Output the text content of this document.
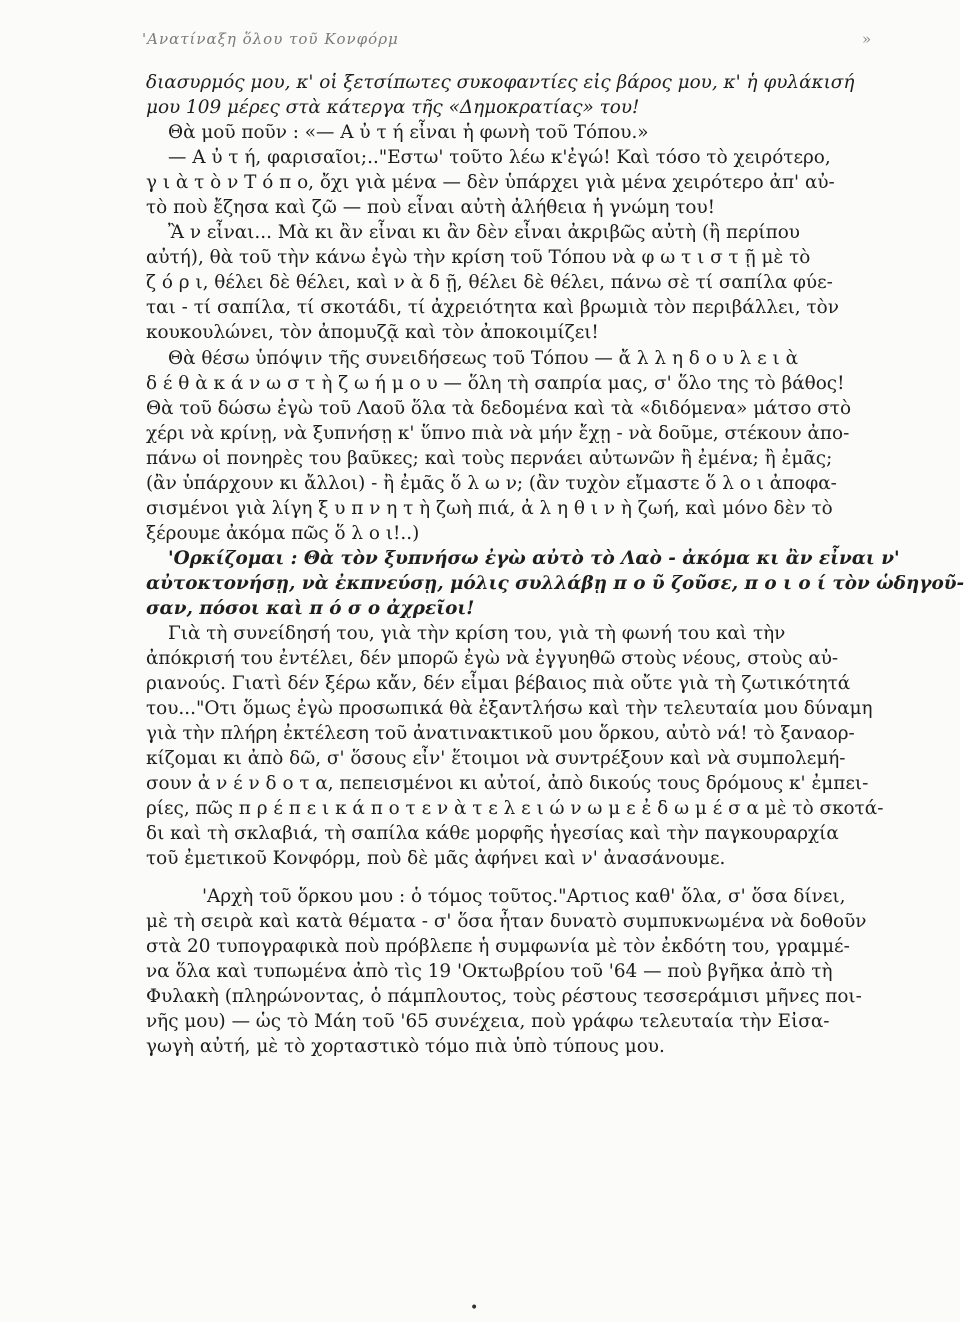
'Ανατίναξη ὅλου τοῦ Κονφόρμ	»
διασυρμός μου, κ' οἱ ξετσίπωτες συκοφαντίες εἰς βάρος μου, κ' ἡ φυλάκισή
μου 109 μέρες στὰ κάτεργα τῆς «Δημοκρατίας» του!
Θὰ μοῦ ποῦν : «— Α ὐ τ ή εἶναι ἡ φωνὴ τοῦ Τόπου.»
— Α ὐ τ ή, φαρισαῖοι;.."Εστω' τοῦτο λέω κ'ἐγώ! Καὶ τόσο τὸ χειρότερο,
γ ι ὰ τ ὸ ν Τ ό π ο, ὄχι γιὰ μένα — δὲν ὑπάρχει γιὰ μένα χειρότερο ἀπ' αὐ-
τὸ ποὺ ἔζησα καὶ ζῶ — ποὺ εἶναι αὐτὴ ἀλήθεια ἡ γνώμη του!
Ἂ ν εἶναι... Μὰ κι ἂν εἶναι κι ἂν δὲν εἶναι ἀκριβῶς αὐτὴ (ἢ περίπου
αὐτή), θὰ τοῦ τὴν κάνω ἐγὼ τὴν κρίση τοῦ Τόπου νὰ φ ω τ ι σ τ ῇ μὲ τὸ
ζ ό ρ ι, θέλει δὲ θέλει, καὶ ν ὰ δ ῇ, θέλει δὲ θέλει, πάνω σὲ τί σαπίλα φύε-
ται - τί σαπίλα, τί σκοτάδι, τί ἀχρειότητα καὶ βρωμιὰ τὸν περιβάλλει, τὸν
κουκουλώνει, τὸν ἀπομυζᾷ καὶ τὸν ἀποκοιμίζει!
Θὰ θέσω ὑπόψιν τῆς συνειδήσεως τοῦ Τόπου — ἄ λ λ η δ ο υ λ ε ι ὰ
δ έ θ ὰ κ ά ν ω σ τ ὴ ζ ω ή μ ο υ — ὅλη τὴ σαπρία μας, σ' ὅλο της τὸ βάθος!
Θὰ τοῦ δώσω ἐγὼ τοῦ Λαοῦ ὅλα τὰ δεδομένα καὶ τὰ «διδόμενα» μάτσο στὸ
χέρι νὰ κρίνῃ, νὰ ξυπνήσῃ κ' ὕπνο πιὰ νὰ μήν ἔχῃ - νὰ δοῦμε, στέκουν ἀπο-
πάνω οἱ πονηρὲς του βαῦκες; καὶ τοὺς περνάει αὐτωνῶν ἢ ἐμένα; ἢ ἐμᾶς;
(ἂν ὑπάρχουν κι ἄλλοι) - ἢ ἐμᾶς ὅ λ ω ν; (ἂν τυχὸν εἴμαστε ὅ λ ο ι ἀποφα-
σισμένοι γιὰ λίγη ξ υ π ν η τ ὴ ζωὴ πιά, ἀ λ η θ ι ν ὴ ζωή, καὶ μόνο δὲν τὸ
ξέρουμε ἀκόμα πῶς ὅ λ ο ι!..)
'Ορκίζομαι : Θὰ τὸν ξυπνήσω ἐγὼ αὐτὸ τὸ Λαὸ - ἀκόμα κι ἂν εἶναι ν'
αὐτοκτονήσῃ, νὰ ἐκπνεύσῃ, μόλις συλλάβῃ π ο ῦ ζοῦσε, π ο ι ο ί τὸν ὡδηγοῦ-
σαν, πόσοι καὶ π ό σ ο ἀχρεῖοι!
Γιὰ τὴ συνείδησή του, γιὰ τὴν κρίση του, γιὰ τὴ φωνή του καὶ τὴν
ἀπόκρισή του ἐντέλει, δέν μπορῶ ἐγὼ νὰ ἐγγυηθῶ στοὺς νέους, στοὺς αὐ-
ριανούς. Γιατὶ δέν ξέρω κἄν, δέν εἶμαι βέβαιος πιὰ οὔτε γιὰ τὴ ζωτικότητά
του..."Οτι ὅμως ἐγὼ προσωπικά θὰ ἐξαντλήσω καὶ τὴν τελευταία μου δύναμη
γιὰ τὴν πλήρη ἐκτέλεση τοῦ ἀνατινακτικοῦ μου ὅρκου, αὐτὸ νά! τὸ ξαναορ-
κίζομαι κι ἀπὸ δῶ, σ' ὅσους εἶν' ἕτοιμοι νὰ συντρέξουν καὶ νὰ συμπολεμή-
σουν ἀ ν έ ν δ ο τ α, πεπεισμένοι κι αὐτοί, ἀπὸ δικούς τους δρόμους κ' ἐμπει-
ρίες, πῶς π ρ έ π ε ι κ ά π ο τ ε ν ὰ τ ε λ ε ι ώ ν ω μ ε ἐ δ ω μ έ σ α μὲ τὸ σκοτά-
δι καὶ τὴ σκλαβιά, τὴ σαπίλα κάθε μορφῆς ἡγεσίας καὶ τὴν παγκουραρχία
τοῦ ἐμετικοῦ Κονφόρμ, ποὺ δὲ μᾶς ἀφήνει καὶ ν' ἀνασάνουμε.
'Αρχὴ τοῦ ὅρκου μου : ὁ τόμος τοῦτος."Αρτιος καθ' ὅλα, σ' ὅσα δίνει,
μὲ τὴ σειρὰ καὶ κατὰ θέματα - σ' ὅσα ἦταν δυνατὸ συμπυκνωμένα νὰ δοθοῦν
στὰ 20 τυπογραφικὰ ποὺ πρόβλεπε ἡ συμφωνία μὲ τὸν ἐκδότη του, γραμμέ-
να ὅλα καὶ τυπωμένα ἀπὸ τὶς 19 'Οκτωβρίου τοῦ '64 — ποὺ βγῆκα ἀπὸ τὴ
Φυλακὴ (πληρώνοντας, ὁ πάμπλουτος, τοὺς ρέστους τεσσεράμισι μῆνες ποι-
νῆς μου) — ὡς τὸ Μάη τοῦ '65 συνέχεια, ποὺ γράφω τελευταία τὴν Εἰσα-
γωγὴ αὐτή, μὲ τὸ χορταστικὸ τόμο πιὰ ὑπὸ τύπους μου.
•
